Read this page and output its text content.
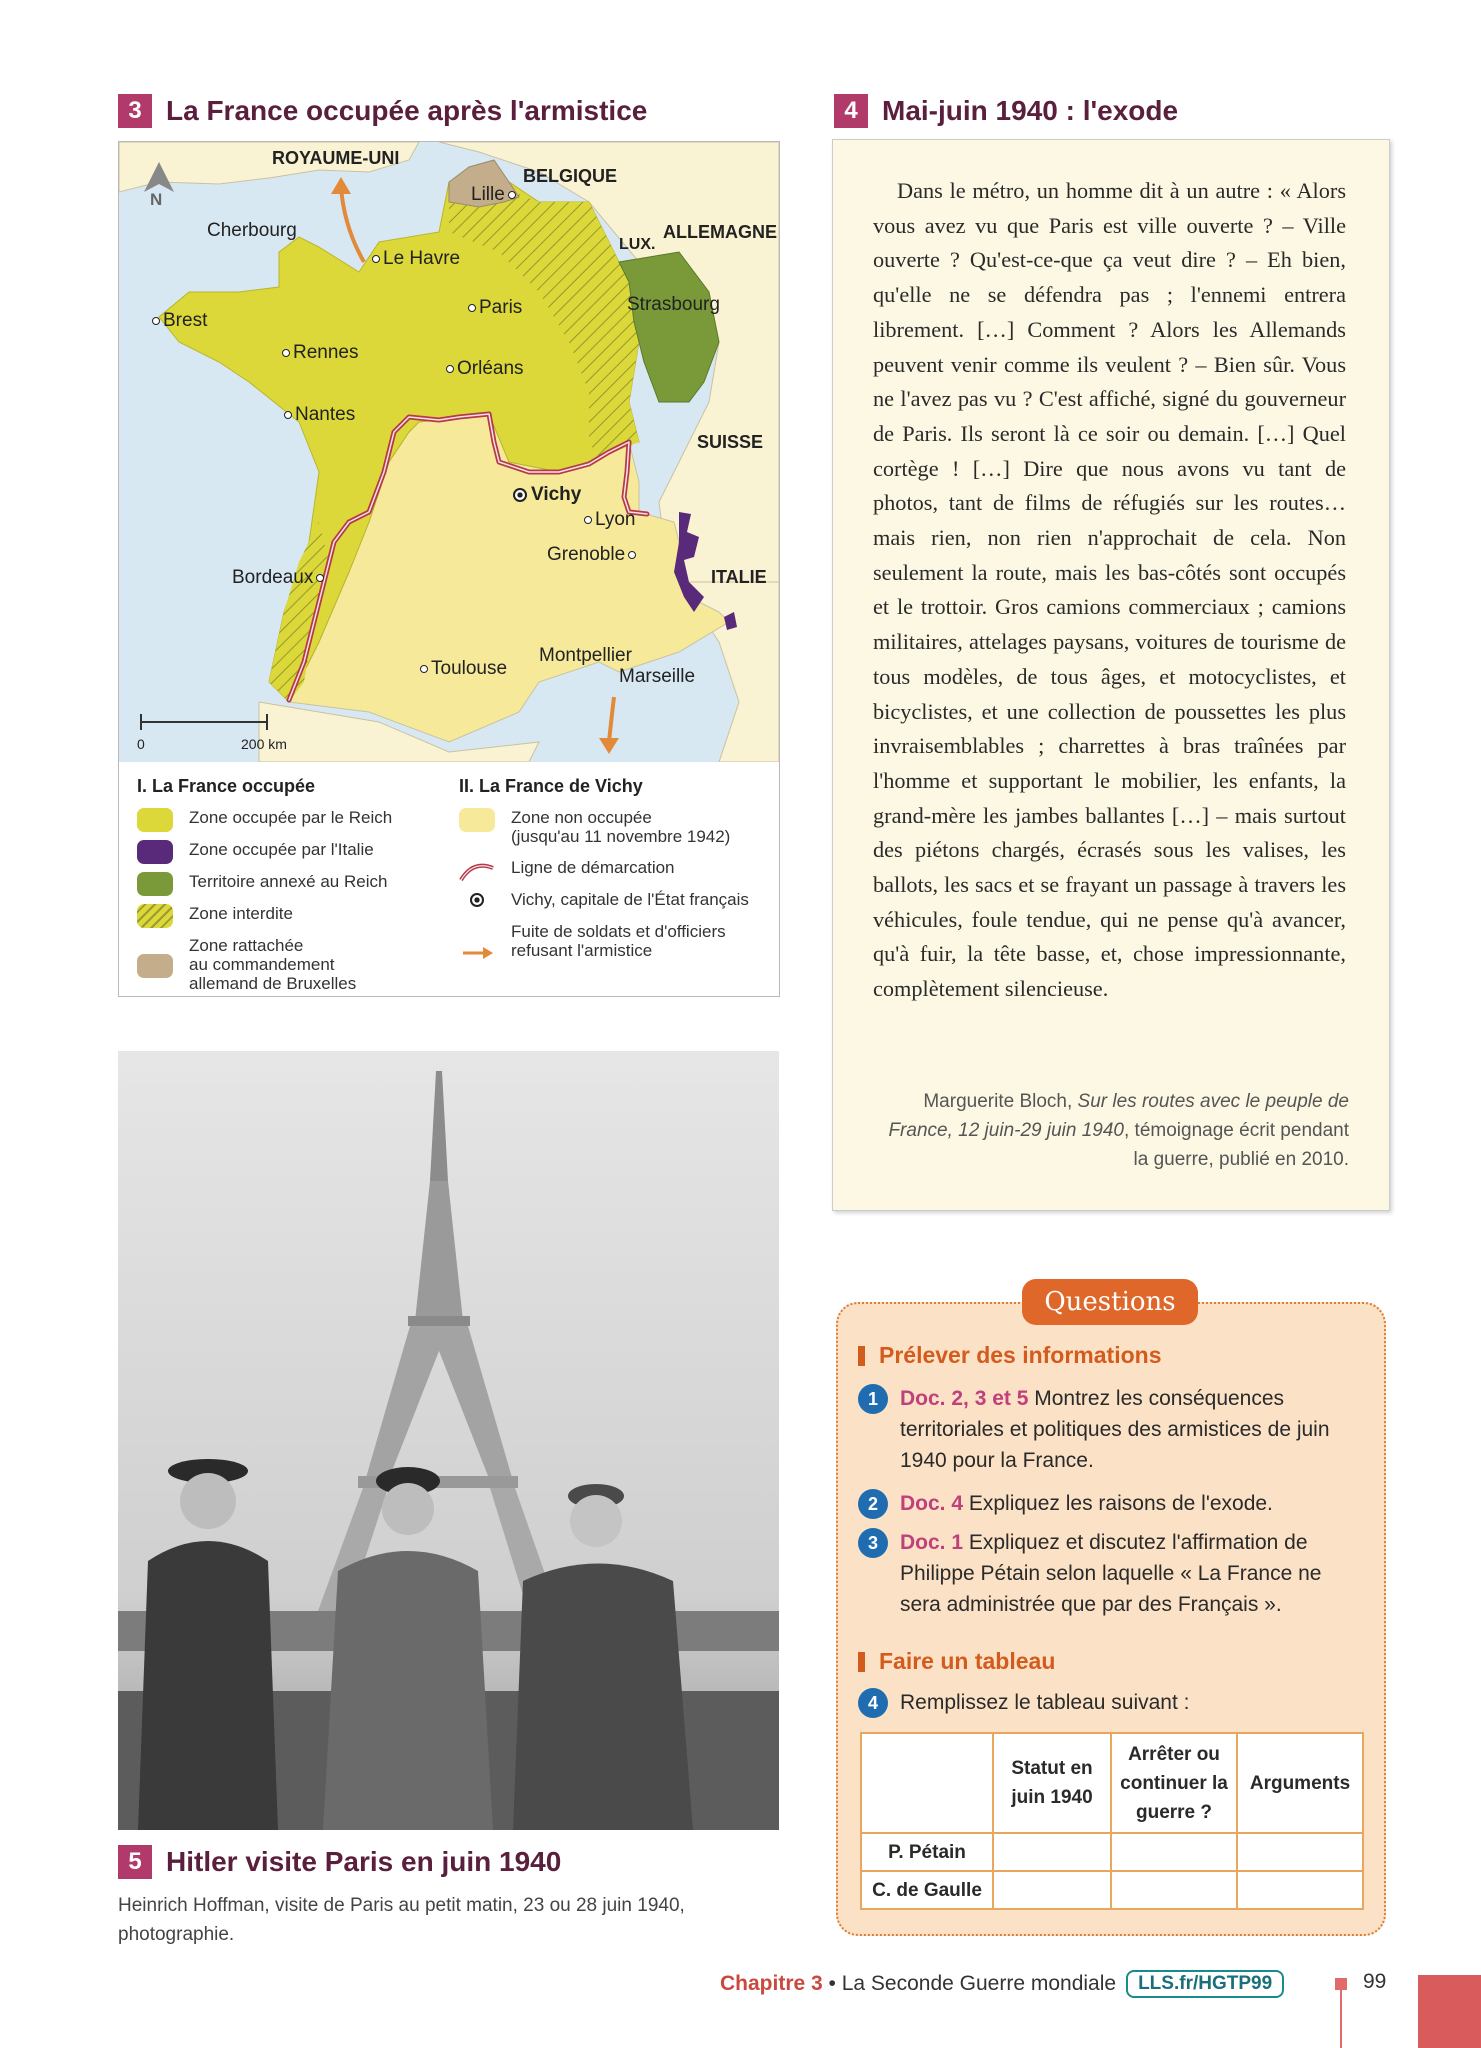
3 La France occupée après l'armistice
N
ROYAUME-UNI
BELGIQUE
LUX.
ALLEMAGNE
SUISSE
ITALIE
Cherbourg
Le Havre
Lille
Brest
Paris	Strasbourg
Rennes
Orléans
Nantes
Vichy
Lyon
Grenoble
Bordeaux
Toulouse
Montpellier
Marseille
0	200 km
I. La France occupée	II. La France de Vichy
Zone occupée par le Reich
Zone occupée par l'Italie
Territoire annexé au Reich
Zone interdite
Zone rattachée
au commandement
allemand de Bruxelles
Zone non occupée
(jusqu'au 11 novembre 1942)
Ligne de démarcation
Vichy, capitale de l'État français

Fuite de soldats et d'officiers
refusant l'armistice
4 Mai-juin 1940 : l'exode
Dans le métro, un homme dit à un autre : « Alors vous avez vu que Paris est ville ouverte ? – Ville ouverte ? Qu'est-ce-que ça veut dire ? – Eh bien, qu'elle ne se défendra pas ; l'ennemi entrera librement. […] Comment ? Alors les Allemands peuvent venir comme ils veulent ? – Bien sûr. Vous ne l'avez pas vu ? C'est affiché, signé du gouverneur de Paris. Ils seront là ce soir ou demain. […] Quel cortège ! […] Dire que nous avons vu tant de photos, tant de films de réfugiés sur les routes… mais rien, non rien n'approchait de cela. Non seulement la route, mais les bas-côtés sont occupés et le trottoir. Gros camions commerciaux ; camions militaires, attelages paysans, voitures de tourisme de tous modèles, de tous âges, et motocyclistes, et bicyclistes, et une collection de poussettes les plus invraisemblables ; charrettes à bras traînées par l'homme et supportant le mobilier, les enfants, la grand-mère les jambes ballantes […] – mais surtout des piétons chargés, écrasés sous les valises, les ballots, les sacs et se frayant un passage à travers les véhicules, foule tendue, qui ne pense qu'à avancer, qu'à fuir, la tête basse, et, chose impressionnante, complètement silencieuse.
Marguerite Bloch, Sur les routes avec le peuple de France, 12 juin-29 juin 1940, témoignage écrit pendant la guerre, publié en 2010.
5 Hitler visite Paris en juin 1940
Heinrich Hoffman, visite de Paris au petit matin, 23 ou 28 juin 1940, photographie.
Questions
Prélever des informations
1	Doc. 2, 3 et 5 Montrez les conséquences territoriales et politiques des armistices de juin 1940 pour la France.
2	Doc. 4 Expliquez les raisons de l'exode.
3	Doc. 1 Expliquez et discutez l'affirmation de Philippe Pétain selon laquelle « La France ne sera administrée que par des Français ».
Faire un tableau
4	Remplissez le tableau suivant :
	Statut en juin 1940	Arrêter ou continuer la guerre ?	Arguments
P. Pétain			
C. de Gaulle			
Chapitre 3 • La Seconde Guerre mondiale	LLS.fr/HGTP99	99
